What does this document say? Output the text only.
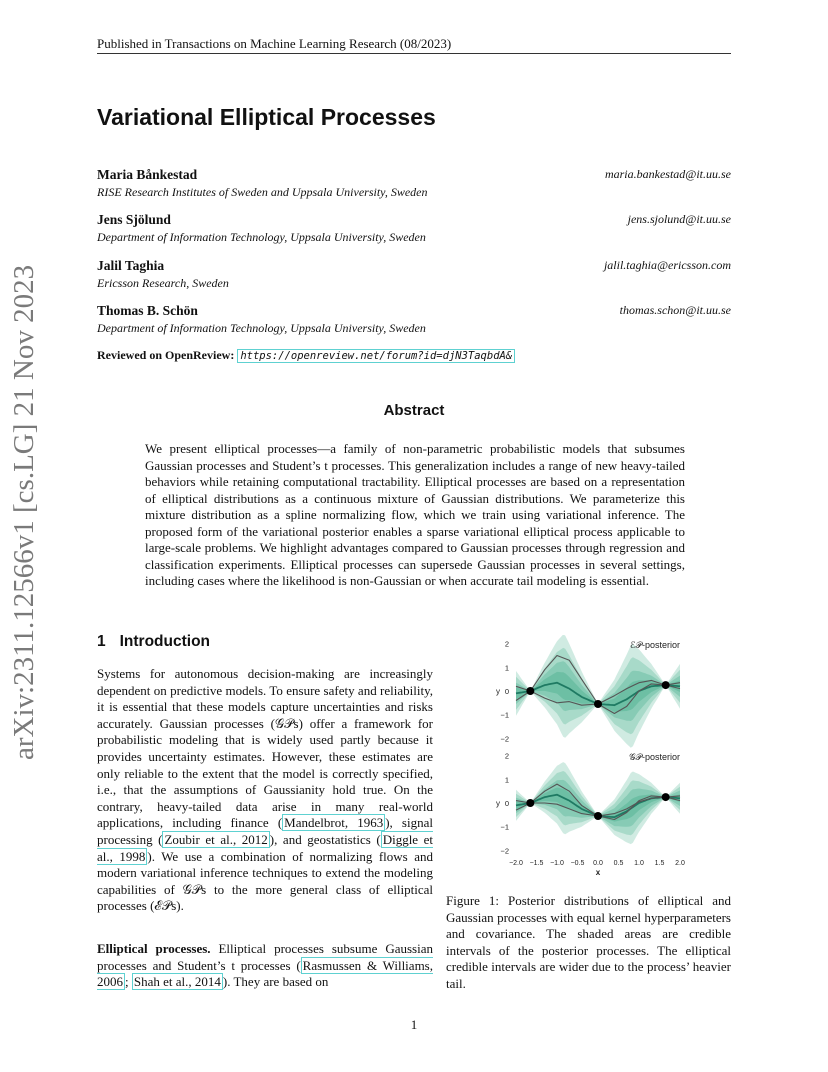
Published in Transactions on Machine Learning Research (08/2023)
Variational Elliptical Processes
Maria Bånkestad	maria.bankestad@it.uu.se
RISE Research Institutes of Sweden and Uppsala University, Sweden
Jens Sjölund	jens.sjolund@it.uu.se
Department of Information Technology, Uppsala University, Sweden
Jalil Taghia	jalil.taghia@ericsson.com
Ericsson Research, Sweden
Thomas B. Schön	thomas.schon@it.uu.se
Department of Information Technology, Uppsala University, Sweden
Reviewed on OpenReview: https://openreview.net/forum?id=djN3TaqbdA&
arXiv:2311.12566v1 [cs.LG] 21 Nov 2023	Abstract
We present elliptical processes—a family of non-parametric probabilistic models that subsumes Gaussian processes and Student’s t processes. This generalization includes a range of new heavy-tailed behaviors while retaining computational tractability. Elliptical processes are based on a representation of elliptical distributions as a continuous mixture of Gaussian distributions. We parameterize this mixture distribution as a spline normalizing flow, which we train using variational inference. The proposed form of the variational posterior enables a sparse variational elliptical process applicable to large-scale problems. We highlight advantages compared to Gaussian processes through regression and classification experiments. Elliptical processes can supersede Gaussian processes in several settings, including cases where the likelihood is non-Gaussian or when accurate tail modeling is essential.
1 Introduction
Systems for autonomous decision-making are increasingly dependent on predictive models. To ensure safety and reliability, it is essential that these models capture uncertainties and risks accurately. Gaussian processes (𝒢𝒫s) offer a framework for probabilistic modeling that is widely used partly because it provides uncertainty estimates. However, these estimates are only reliable to the extent that the model is correctly specified, i.e., that the assumptions of Gaussianity hold true. On the contrary, heavy-tailed data arise in many real-world applications, including finance ( Mandelbrot, 1963 ), signal processing ( Zoubir et al., 2012 ), and geostatistics ( Diggle et al., 1998 ). We use a combination of normalizing flows and modern variational inference techniques to extend the modeling capabilities of 𝒢𝒫s to the more general class of elliptical processes (ℰ𝒫s).
Elliptical processes. Elliptical processes subsume Gaussian processes and Student’s t processes ( Rasmussen & Williams, 2006 ; Shah et al., 2014 ). They are based on
2
1
0
−1
−2
y
ℰ𝒫-posterior
2
1
0
−1
−2
y
𝒢𝒫-posterior
−2.0 −1.5 −1.0 −0.5 0.0 0.5 1.0 1.5 2.0
x
Figure 1: Posterior distributions of elliptical and Gaussian processes with equal kernel hyperparameters and covariance. The shaded areas are credible intervals of the posterior processes. The elliptical credible intervals are wider due to the process’ heavier tail.
1
